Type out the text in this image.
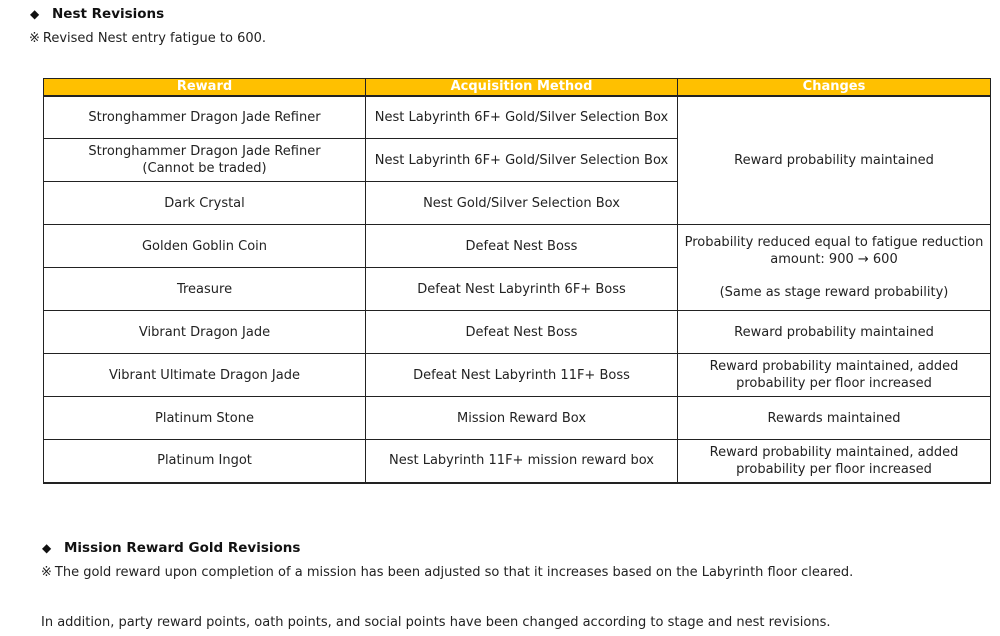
◆ Nest Revisions
※ Revised Nest entry fatigue to 600.
Reward	Acquisition Method	Changes
Stronghammer Dragon Jade Refiner	Nest Labyrinth 6F+ Gold/Silver Selection Box	Reward probability maintained
Stronghammer Dragon Jade Refiner
(Cannot be traded)	Nest Labyrinth 6F+ Gold/Silver Selection Box	
Dark Crystal	Nest Gold/Silver Selection Box	
Golden Goblin Coin	Defeat Nest Boss	Probability reduced equal to fatigue reduction
amount: 900 → 600
(Same as stage reward probability)
Treasure	Defeat Nest Labyrinth 6F+ Boss	
Vibrant Dragon Jade	Defeat Nest Boss	Reward probability maintained
Vibrant Ultimate Dragon Jade	Defeat Nest Labyrinth 11F+ Boss	Reward probability maintained, added
probability per floor increased
Platinum Stone	Mission Reward Box	Rewards maintained
Platinum Ingot	Nest Labyrinth 11F+ mission reward box	Reward probability maintained, added
probability per floor increased
◆ Mission Reward Gold Revisions
※ The gold reward upon completion of a mission has been adjusted so that it increases based on the Labyrinth floor cleared.
In addition, party reward points, oath points, and social points have been changed according to stage and nest revisions.
